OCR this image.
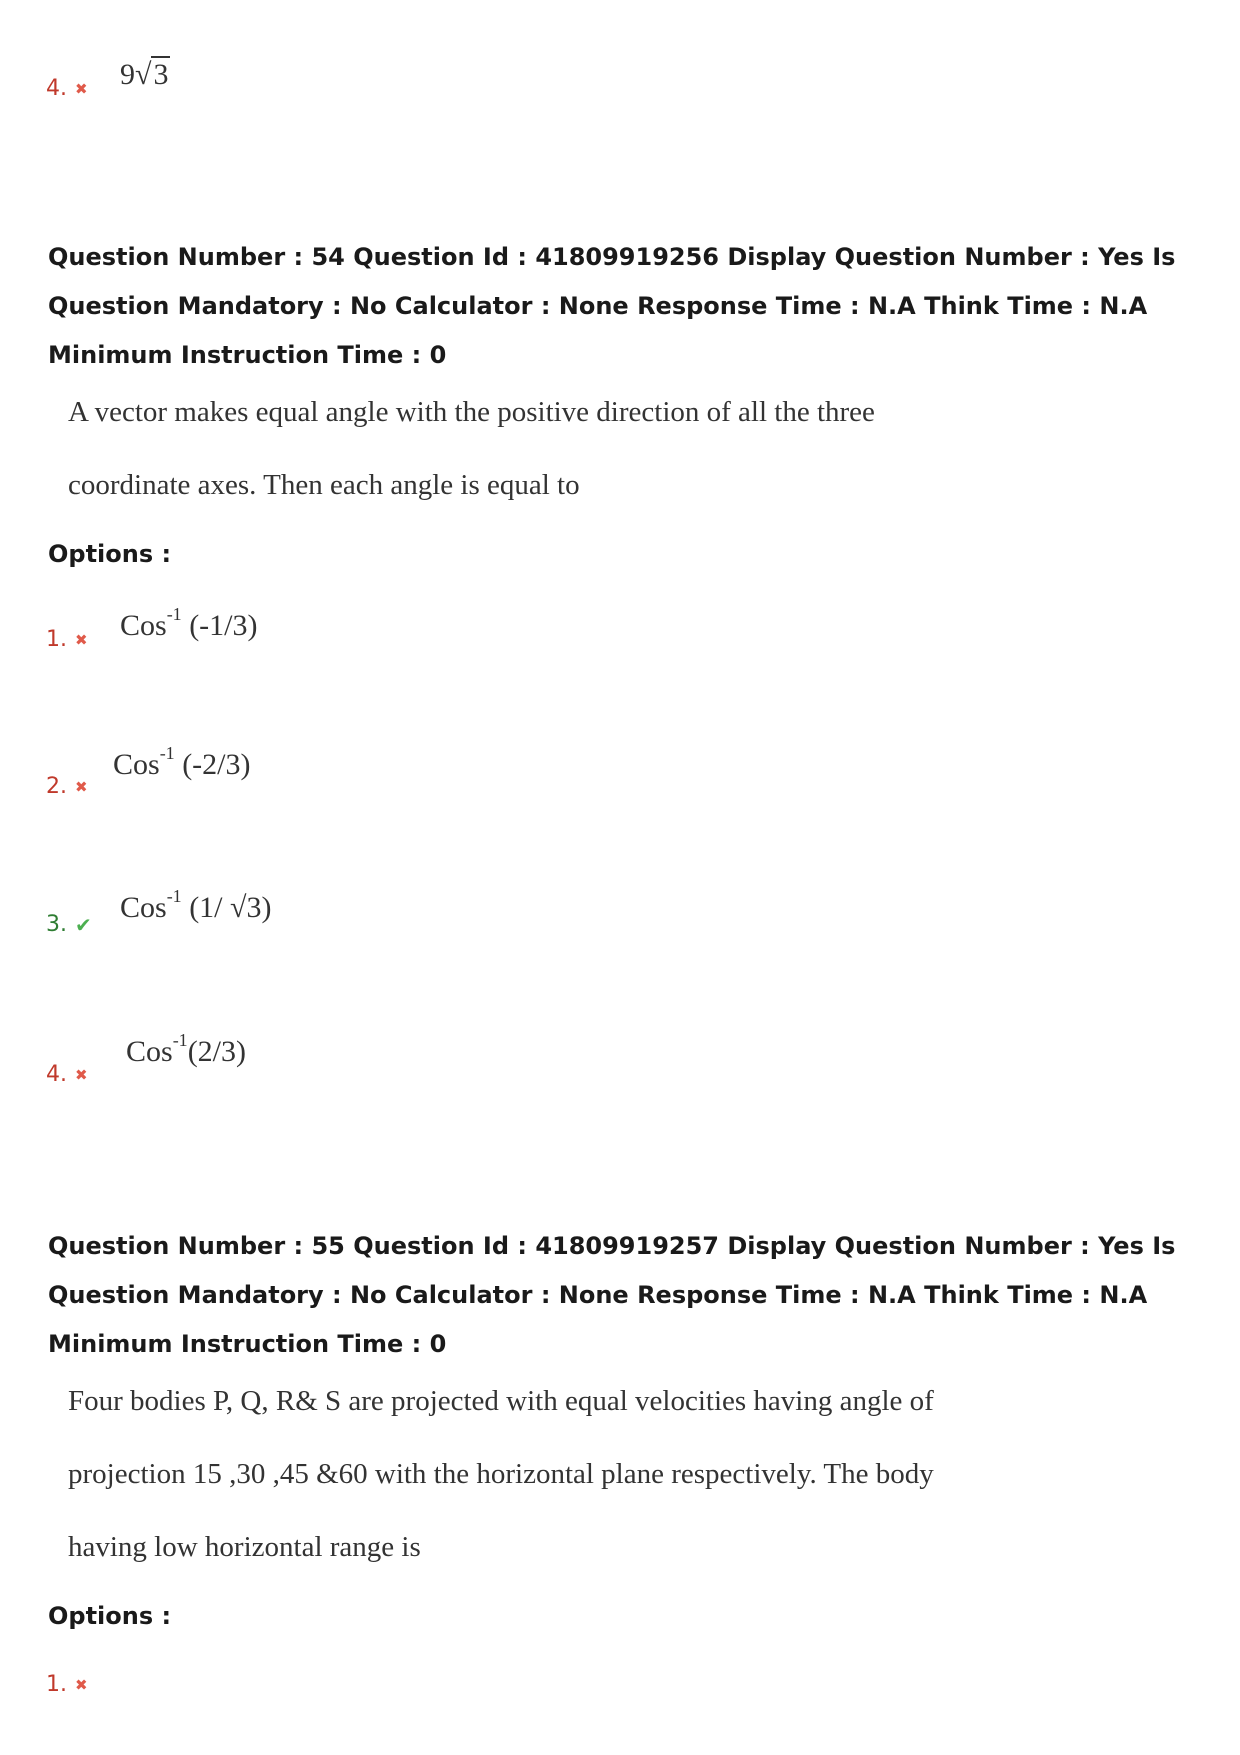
4. ✖ 9√3
Question Number : 54 Question Id : 41809919256 Display Question Number : Yes Is Question Mandatory : No Calculator : None Response Time : N.A Think Time : N.A Minimum Instruction Time : 0
A vector makes equal angle with the positive direction of all the three
coordinate axes. Then each angle is equal to
Options :
1. ✖ Cos$^{-1}$ (-1/3)
2. ✖
Cos$^{-1}$ (-2/3)
3. ✔
Cos$^{-1}$ (1/ √3)
4. ✖
Cos$^{-1}$(2/3)
Question Number : 55 Question Id : 41809919257 Display Question Number : Yes Is Question Mandatory : No Calculator : None Response Time : N.A Think Time : N.A Minimum Instruction Time : 0
Four bodies P, Q, R& S are projected with equal velocities having angle of
projection 15 ,30 ,45 &60 with the horizontal plane respectively. The body
having low horizontal range is
Options :
1. ✖
